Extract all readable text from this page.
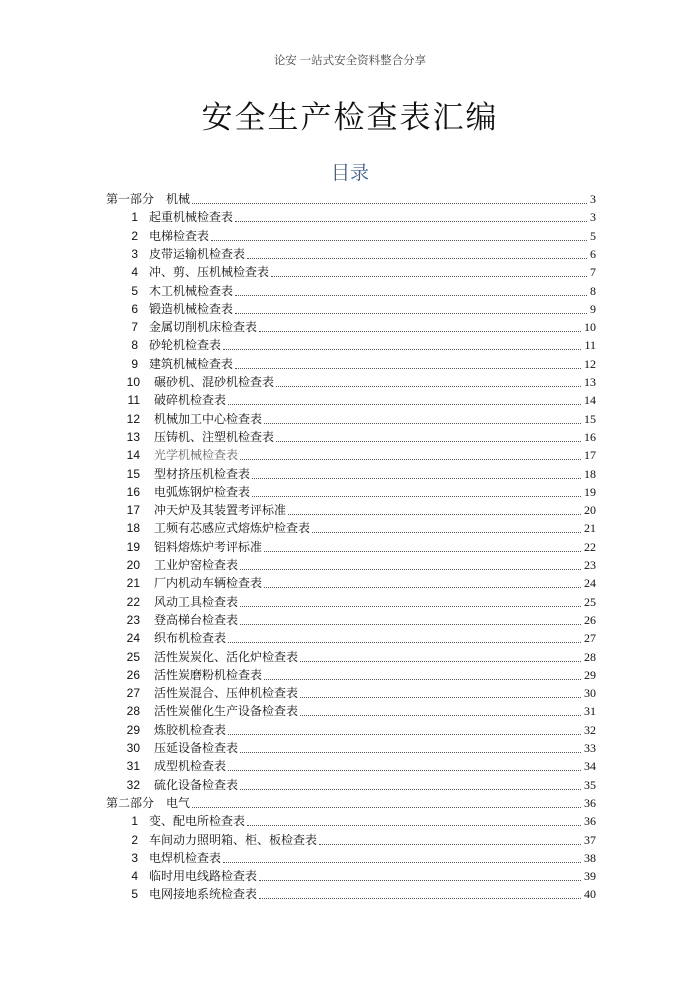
论安 一站式安全资料整合分享
安全生产检查表汇编
目录
第一部分　机械	3
1 起重机械检查表	3
2 电梯检查表	5
3 皮带运输机检查表	6
4 冲、剪、压机械检查表	7
5 木工机械检查表	8
6 锻造机械检查表	9
7 金属切削机床检查表	10
8 砂轮机检查表	11
9 建筑机械检查表	12
10 碾砂机、混砂机检查表	13
11 破碎机检查表	14
12 机械加工中心检查表	15
13 压铸机、注塑机检查表	16
14 光学机械检查表	17
15 型材挤压机检查表	18
16 电弧炼钢炉检查表	19
17 冲天炉及其装置考评标准	20
18 工频有芯感应式熔炼炉检查表	21
19 铝料熔炼炉考评标准	22
20 工业炉窑检查表	23
21 厂内机动车辆检查表	24
22 风动工具检查表	25
23 登高梯台检查表	26
24 织布机检查表	27
25 活性炭炭化、活化炉检查表	28
26 活性炭磨粉机检查表	29
27 活性炭混合、压伸机检查表	30
28 活性炭催化生产设备检查表	31
29 炼胶机检查表	32
30 压延设备检查表	33
31 成型机检查表	34
32 硫化设备检查表	35
第二部分　电气	36
1 变、配电所检查表	36
2 车间动力照明箱、柜、板检查表	37
3 电焊机检查表	38
4 临时用电线路检查表	39
5 电网接地系统检查表	40
